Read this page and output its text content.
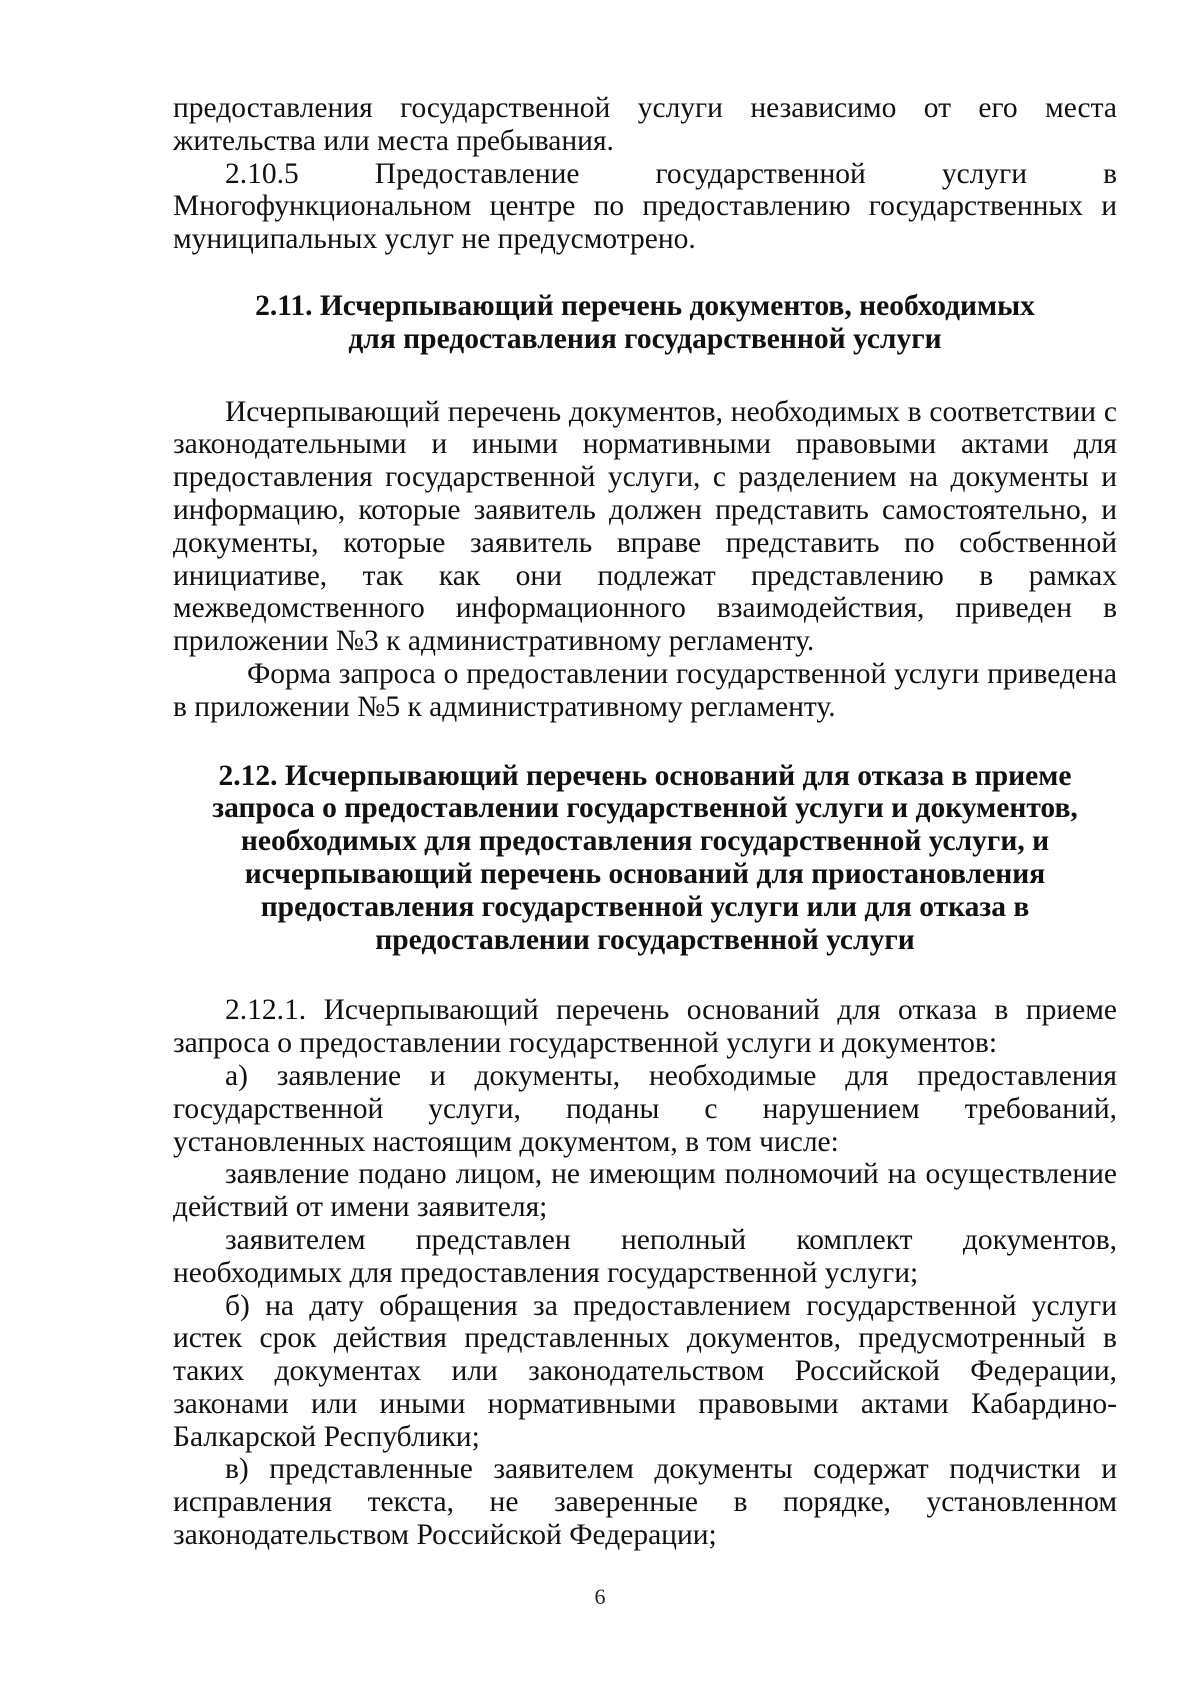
предоставления государственной услуги независимо от его места жительства или места пребывания.

2.10.5 Предоставление государственной услуги в Многофункциональном центре по предоставлению государственных и муниципальных услуг не предусмотрено.

2.11. Исчерпывающий перечень документов, необходимых для предоставления государственной услуги

Исчерпывающий перечень документов, необходимых в соответствии с законодательными и иными нормативными правовыми актами для предоставления государственной услуги, с разделением на документы и информацию, которые заявитель должен представить самостоятельно, и документы, которые заявитель вправе представить по собственной инициативе, так как они подлежат представлению в рамках межведомственного информационного взаимодействия, приведен в приложении №3 к административному регламенту.

Форма запроса о предоставлении государственной услуги приведена в приложении №5 к административному регламенту.

2.12. Исчерпывающий перечень оснований для отказа в приеме запроса о предоставлении государственной услуги и документов, необходимых для предоставления государственной услуги, и исчерпывающий перечень оснований для приостановления предоставления государственной услуги или для отказа в предоставлении государственной услуги

2.12.1. Исчерпывающий перечень оснований для отказа в приеме запроса о предоставлении государственной услуги и документов:

а) заявление и документы, необходимые для предоставления государственной услуги, поданы с нарушением требований, установленных настоящим документом, в том числе:

заявление подано лицом, не имеющим полномочий на осуществление действий от имени заявителя;

заявителем представлен неполный комплект документов, необходимых для предоставления государственной услуги;

б) на дату обращения за предоставлением государственной услуги истек срок действия представленных документов, предусмотренный в таких документах или законодательством Российской Федерации, законами или иными нормативными правовыми актами Кабардино-Балкарской Республики;

в) представленные заявителем документы содержат подчистки и исправления текста, не заверенные в порядке, установленном законодательством Российской Федерации;

6
